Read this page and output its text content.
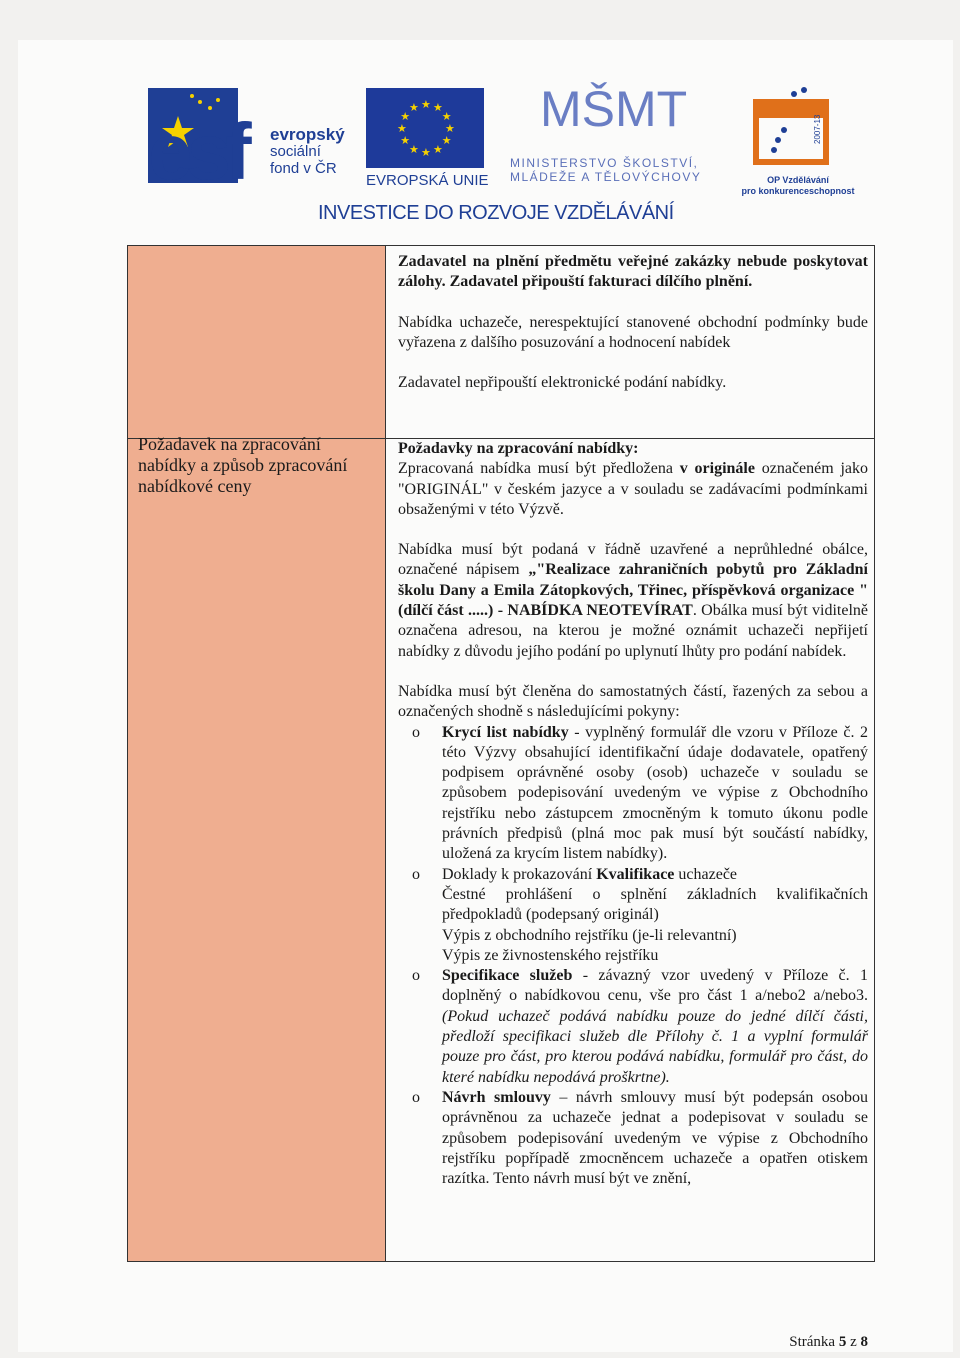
esf evropský
sociální
fond v ČR
★ ★
★
★
★
★
★
★
★
★
★
★
EVROPSKÁ UNIE
MŠMT
MINISTERSTVO ŠKOLSTVÍ,
MLÁDEŽE A TĚLOVÝCHOVY
2007-13
OP Vzdělávání
pro konkurenceschopnost
INVESTICE DO ROZVOJE VZDĚLÁVÁNÍ

Zadavatel na plnění předmětu veřejné zakázky nebude poskytovat zálohy. Zadavatel připouští fakturaci dílčího plnění.

Nabídka uchazeče, nerespektující stanovené obchodní podmínky bude vyřazena z dalšího posuzování a hodnocení nabídek

Zadavatel nepřipouští elektronické podání nabídky.

Požadavek na zpracování nabídky a způsob zpracování nabídkové ceny

Požadavky na zpracování nabídky:

Zpracovaná nabídka musí být předložena v originále označeném jako "ORIGINÁL" v českém jazyce a v souladu se zadávacími podmínkami obsaženými v této Výzvě.

Nabídka musí být podaná v řádně uzavřené a neprůhledné obálce, označené nápisem „"Realizace zahraničních pobytů pro Základní školu Dany a Emila Zátopkových, Třinec, příspěvková organizace "(dílčí část .....) - NABÍDKA NEOTEVÍRAT. Obálka musí být viditelně označena adresou, na kterou je možné oznámit uchazeči nepřijetí nabídky z důvodu jejího podání po uplynutí lhůty pro podání nabídek.

Nabídka musí být členěna do samostatných částí, řazených za sebou a označených shodně s následujícími pokyny:

o Krycí list nabídky - vyplněný formulář dle vzoru v Příloze č. 2 této Výzvy obsahující identifikační údaje dodavatele, opatřený podpisem oprávněné osoby (osob) uchazeče v souladu se způsobem podepisování uvedeným ve výpise z Obchodního rejstříku nebo zástupcem zmocněným k tomuto úkonu podle právních předpisů (plná moc pak musí být součástí nabídky, uložená za krycím listem nabídky).

o Doklady k prokazování Kvalifikace uchazeče

Čestné prohlášení o splnění základních kvalifikačních předpokladů (podepsaný originál)

Výpis z obchodního rejstříku (je-li relevantní)

Výpis ze živnostenského rejstříku

o Specifikace služeb - závazný vzor uvedený v Příloze č. 1 doplněný o nabídkovou cenu, vše pro část 1 a/nebo2 a/nebo3. (Pokud uchazeč podává nabídku pouze do jedné dílčí části, předloží specifikaci služeb dle Přílohy č. 1 a vyplní formulář pouze pro část, pro kterou podává nabídku, formulář pro část, do které nabídku nepodává proškrtne).

o Návrh smlouvy – návrh smlouvy musí být podepsán osobou oprávněnou za uchazeče jednat a podepisovat v souladu se způsobem podepisování uvedeným ve výpise z Obchodního rejstříku popřípadě zmocněncem uchazeče a opatřen otiskem razítka. Tento návrh musí být ve znění,

Stránka 5 z 8
